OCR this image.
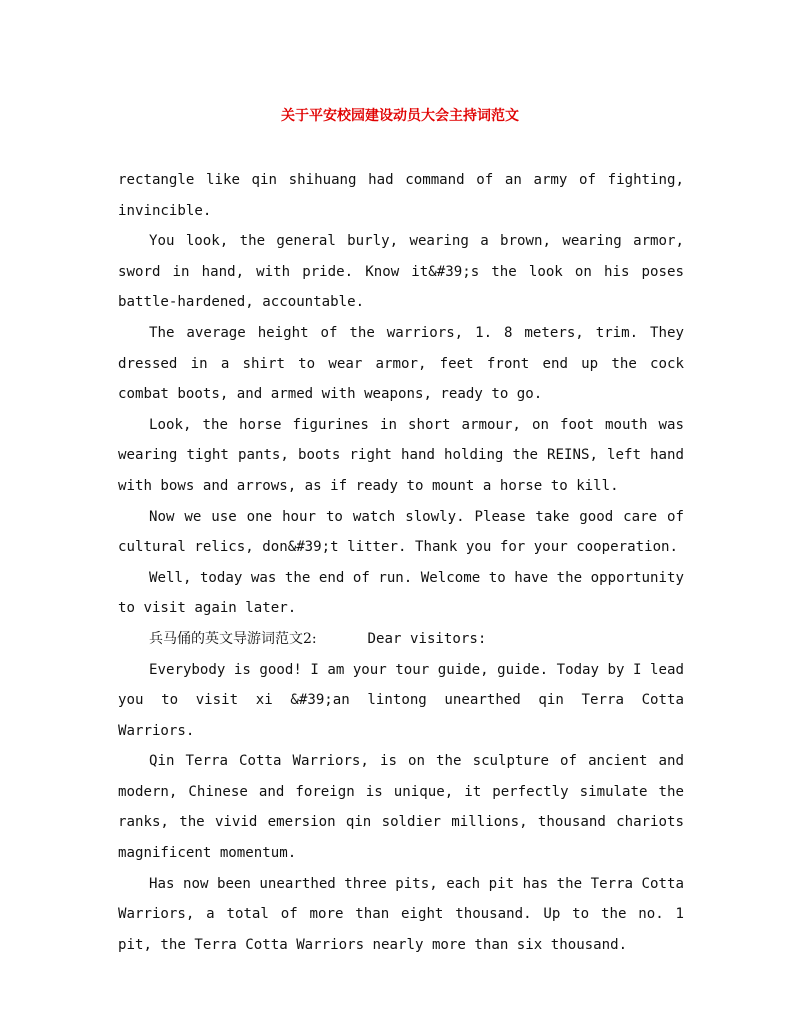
关于平安校园建设动员大会主持词范文

rectangle like qin shihuang had command of an army of fighting, invincible.

You look, the general burly, wearing a brown, wearing armor, sword in hand, with pride. Know it&#39;s the look on his poses battle-hardened, accountable.

The average height of the warriors, 1. 8 meters, trim. They dressed in a shirt to wear armor, feet front end up the cock combat boots, and armed with weapons, ready to go.

Look, the horse figurines in short armour, on foot mouth was wearing tight pants, boots right hand holding the REINS, left hand with bows and arrows, as if ready to mount a horse to kill.

Now we use one hour to watch slowly. Please take good care of cultural relics, don&#39;t litter. Thank you for your cooperation.

Well, today was the end of run. Welcome to have the opportunity to visit again later.

兵马俑的英文导游词范文2:	Dear visitors:

Everybody is good! I am your tour guide, guide. Today by I lead you to visit xi &#39;an lintong unearthed qin Terra Cotta Warriors.

Qin Terra Cotta Warriors, is on the sculpture of ancient and modern, Chinese and foreign is unique, it perfectly simulate the ranks, the vivid emersion qin soldier millions, thousand chariots magnificent momentum.

Has now been unearthed three pits, each pit has the Terra Cotta Warriors, a total of more than eight thousand. Up to the no. 1 pit, the Terra Cotta Warriors nearly more than six thousand.
